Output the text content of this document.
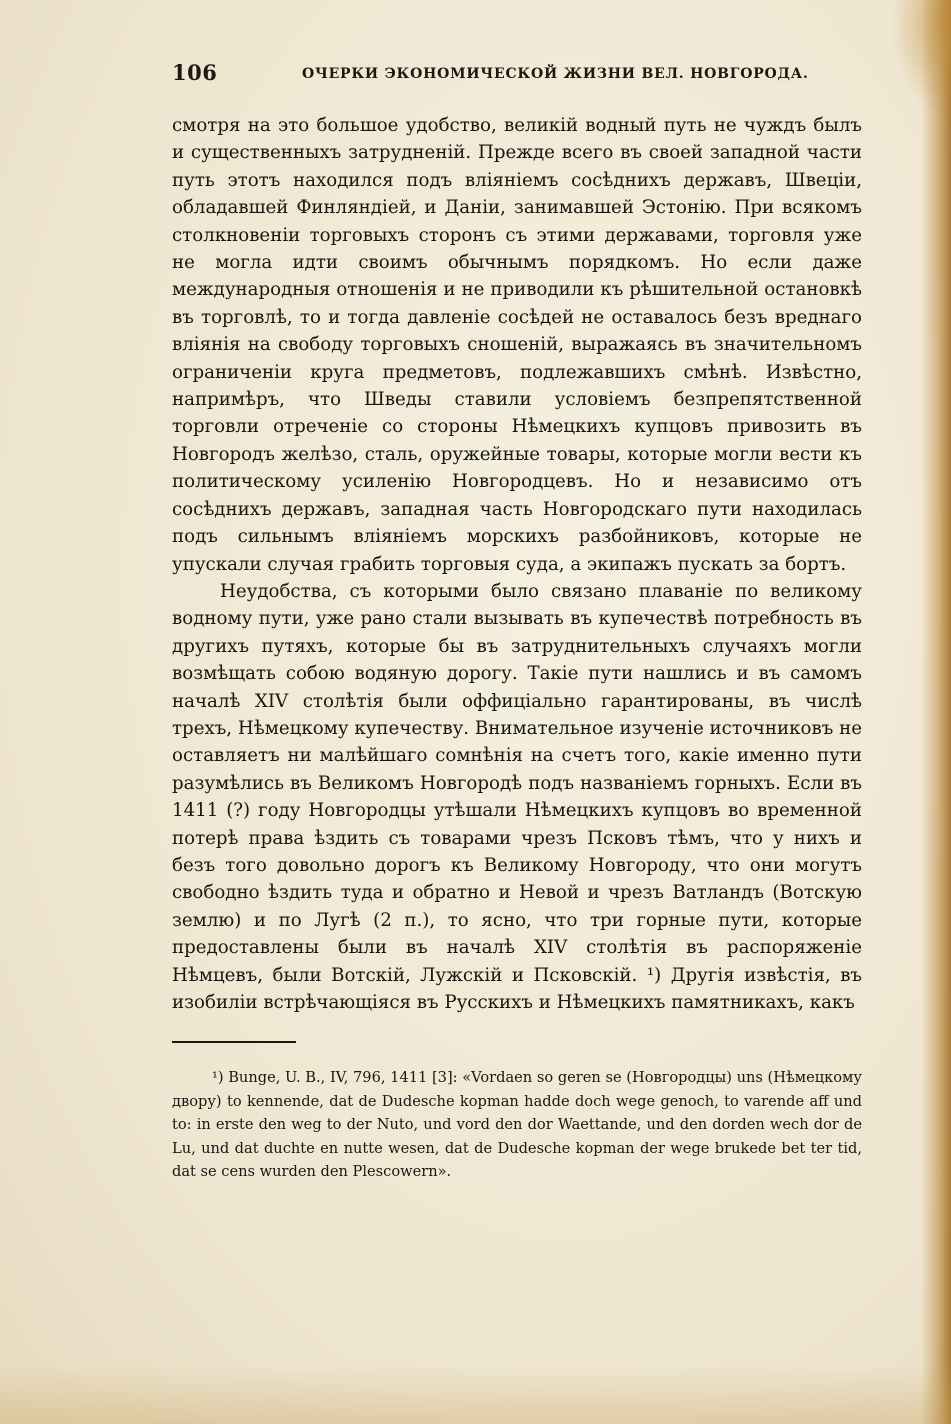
106	ОЧЕРКИ ЭКОНОМИЧЕСКОЙ ЖИЗНИ ВЕЛ. НОВГОРОДА.

смотря на это большое удобство, великій водный путь не чуждъ былъ и существенныхъ затрудненій. Прежде всего въ своей западной части путь этотъ находился подъ вліяніемъ сосѣднихъ державъ, Швеціи, обладавшей Финляндіей, и Даніи, занимавшей Эстонію. При всякомъ столкновеніи торговыхъ сторонъ съ этими державами, торговля уже не могла идти своимъ обычнымъ порядкомъ. Но если даже международныя отношенія и не приводили къ рѣшительной остановкѣ въ торговлѣ, то и тогда давленіе сосѣдей не оставалось безъ вреднаго вліянія на свободу торговыхъ сношеній, выражаясь въ значительномъ ограниченіи круга предметовъ, подлежавшихъ смѣнѣ. Извѣстно, напримѣръ, что Шведы ставили условіемъ безпрепятственной торговли отреченіе со стороны Нѣмецкихъ купцовъ привозить въ Новгородъ желѣзо, сталь, оружейные товары, которые могли вести къ политическому усиленію Новгородцевъ. Но и независимо отъ сосѣднихъ державъ, западная часть Новгородскаго пути находилась подъ сильнымъ вліяніемъ морскихъ разбойниковъ, которые не упускали случая грабить торговыя суда, а экипажъ пускать за бортъ.

Неудобства, съ которыми было связано плаваніе по великому водному пути, уже рано стали вызывать въ купечествѣ потребность въ другихъ путяхъ, которые бы въ затруднительныхъ случаяхъ могли возмѣщать собою водяную дорогу. Такіе пути нашлись и въ самомъ началѣ XIV столѣтія были оффиціально гарантированы, въ числѣ трехъ, Нѣмецкому купечеству. Внимательное изученіе источниковъ не оставляетъ ни малѣйшаго сомнѣнія на счетъ того, какіе именно пути разумѣлись въ Великомъ Новгородѣ подъ названіемъ горныхъ. Если въ 1411 (?) году Новгородцы утѣшали Нѣмецкихъ купцовъ во временной потерѣ права ѣздить съ товарами чрезъ Псковъ тѣмъ, что у нихъ и безъ того довольно дорогъ къ Великому Новгороду, что они могутъ свободно ѣздить туда и обратно и Невой и чрезъ Ватландъ (Вотскую землю) и по Лугѣ (2 п.), то ясно, что три горные пути, которые предоставлены были въ началѣ XIV столѣтія въ распоряженіе Нѣмцевъ, были Вотскій, Лужскій и Псковскій. ¹) Другія извѣстія, въ изобиліи встрѣчающіяся въ Русскихъ и Нѣмецкихъ памятникахъ, какъ

¹) Bunge, U. B., IV, 796, 1411 [3]: «Vordaen so geren se (Новгородцы) uns (Нѣмецкому двору) to kennende, dat de Dudesche kopman hadde doch wege genoch, to varende aff und to: in erste den weg to der Nuto, und vord den dor Waettande, und den dorden wech dor de Lu, und dat duchte en nutte wesen, dat de Dudesche kopman der wege brukede bet ter tid, dat se cens wurden den Plescowern».
